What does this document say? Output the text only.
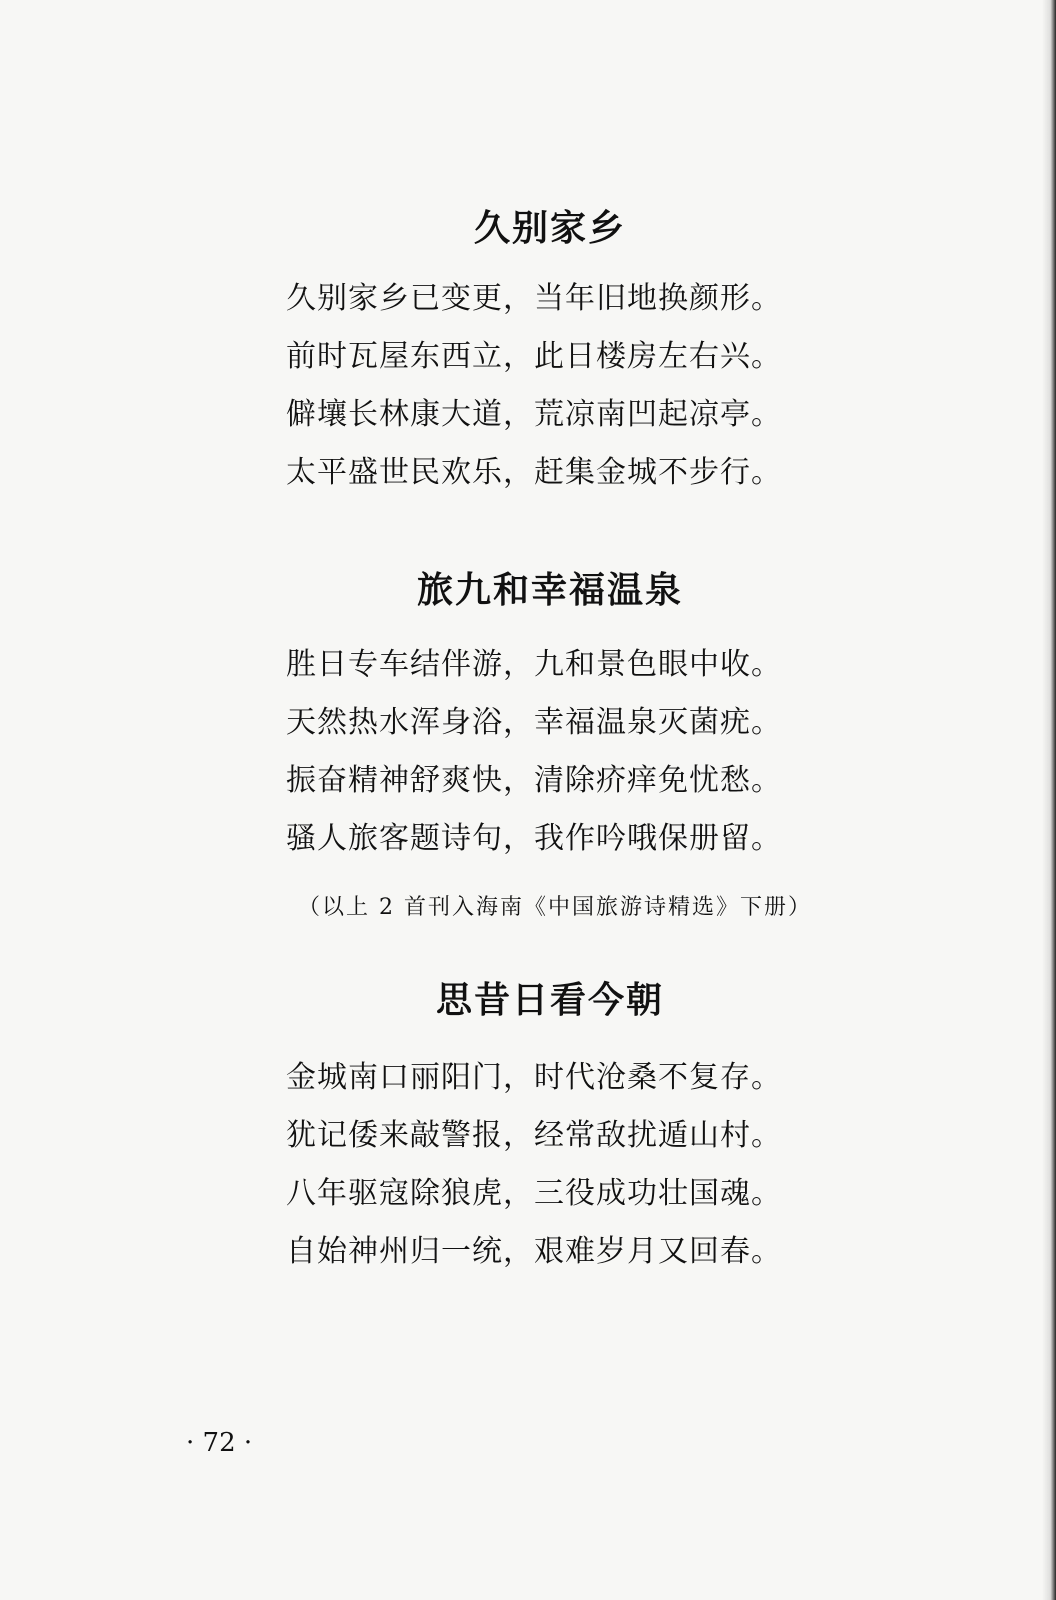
久别家乡
久别家乡已变更，当年旧地换颜形。
前时瓦屋东西立，此日楼房左右兴。
僻壤长林康大道，荒凉南凹起凉亭。
太平盛世民欢乐，赶集金城不步行。
旅九和幸福温泉
胜日专车结伴游，九和景色眼中收。
天然热水浑身浴，幸福温泉灭菌疣。
振奋精神舒爽快，清除疥痒免忧愁。
骚人旅客题诗句，我作吟哦保册留。
（以上 2 首刊入海南《中国旅游诗精选》下册）
思昔日看今朝
金城南口丽阳门，时代沧桑不复存。
犹记倭来敲警报，经常敌扰遁山村。
八年驱寇除狼虎，三役成功壮国魂。
自始神州归一统，艰难岁月又回春。
· 72 ·
